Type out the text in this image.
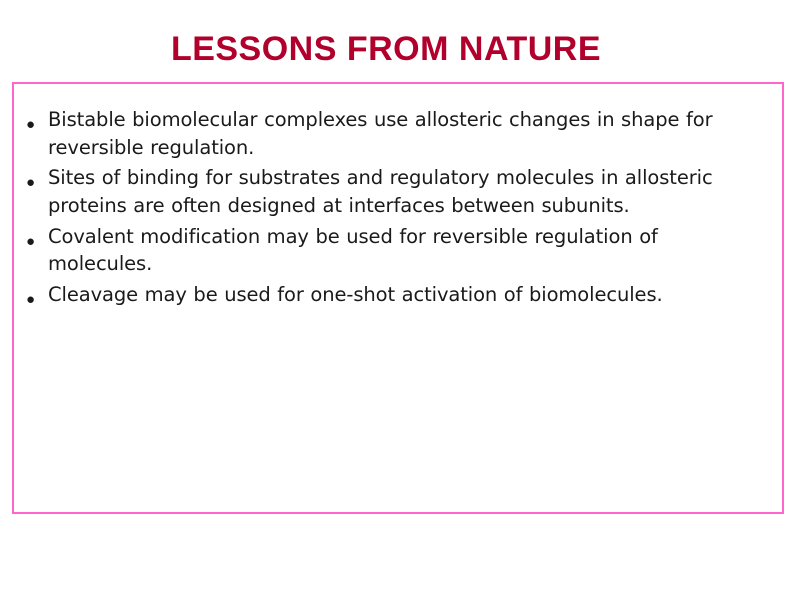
LESSONS FROM NATURE
● Bistable biomolecular complexes use allosteric changes in shape for reversible regulation.
● Sites of binding for substrates and regulatory molecules in allosteric proteins are often designed at interfaces between subunits.
● Covalent modification may be used for reversible regulation of molecules.
● Cleavage may be used for one-shot activation of biomolecules.
